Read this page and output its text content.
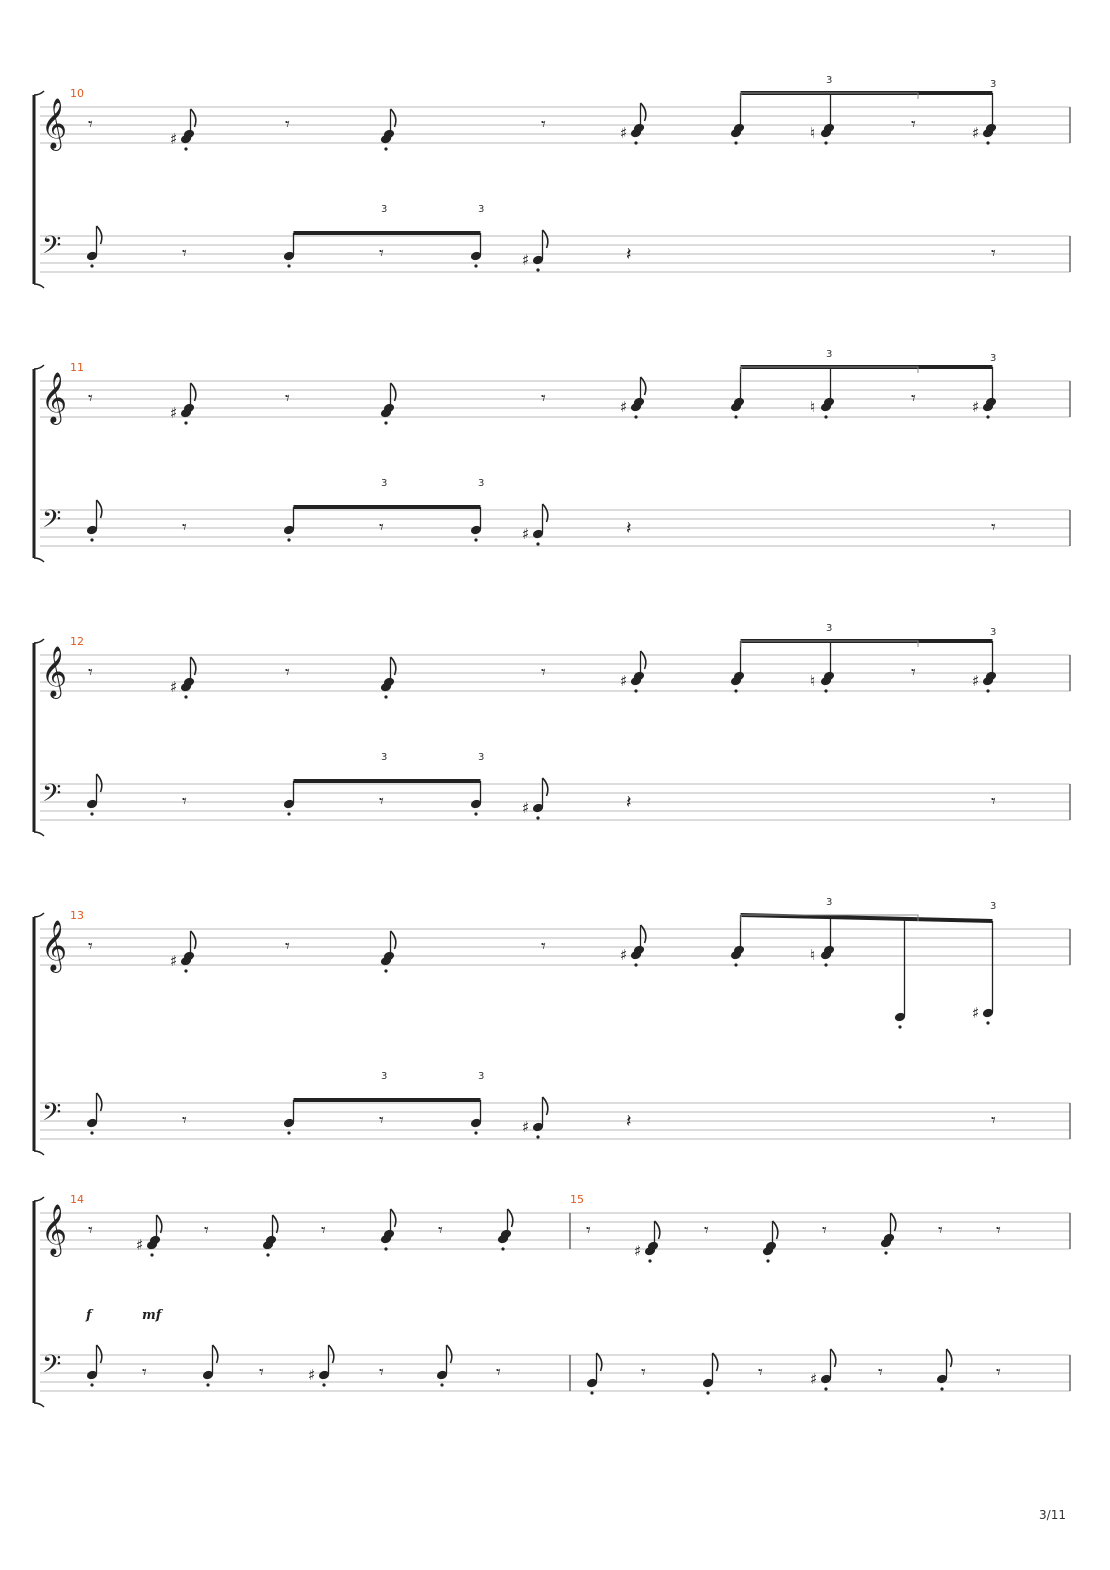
𝄞
𝄢
10
𝄾
♯
𝄾	𝄾	♯	♮	𝄾	♯
3	3
𝄾	𝄾
3	3
♯	𝄽	𝄾
𝄞
𝄢
11
𝄾
♯
𝄾	𝄾	♯	♮	𝄾	♯
3	3
𝄾	𝄾
3	3
♯	𝄽	𝄾
𝄞
𝄢
12
𝄾
♯
𝄾	𝄾	♯	♮	𝄾	♯
3	3
𝄾	𝄾
3	3
♯	𝄽	𝄾
𝄞
𝄢
13
𝄾
♯
𝄾	𝄾	♯	♮
♯
3	3
𝄾	𝄾
3	3
♯	𝄽	𝄾
𝄞
𝄢
14	15
𝄾	𝄾	𝄾	𝄾
♯
𝄾	𝄾	𝄾	𝄾	𝄾
♯
f	mf
𝄾	𝄾	𝄾	𝄾	𝄾	𝄾	𝄾	𝄾
♯	♯
3/11
